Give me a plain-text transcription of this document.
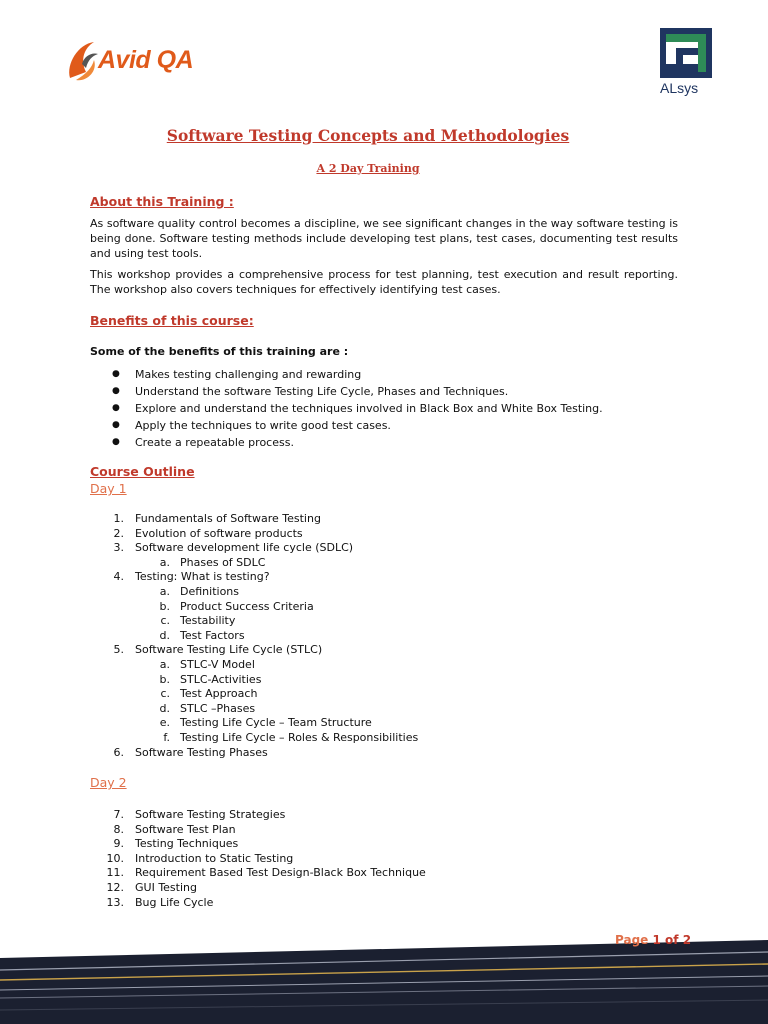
Avid QA
ALsys
Software Testing Concepts and Methodologies
A 2 Day Training
About this Training :

As software quality control becomes a discipline, we see significant changes in the way software testing is being done. Software testing methods include developing test plans, test cases, documenting test results and using test tools.

This workshop provides a comprehensive process for test planning, test execution and result reporting. The workshop also covers techniques for effectively identifying test cases.

Benefits of this course:
Some of the benefits of this training are :
● Makes testing challenging and rewarding
● Understand the software Testing Life Cycle, Phases and Techniques.
● Explore and understand the techniques involved in Black Box and White Box Testing.
● Apply the techniques to write good test cases.
● Create a repeatable process.
Course Outline
Day 1
1. Fundamentals of Software Testing
2. Evolution of software products
3. Software development life cycle (SDLC)
a. Phases of SDLC
4. Testing: What is testing?
a. Definitions
b. Product Success Criteria
c. Testability
d. Test Factors
5. Software Testing Life Cycle (STLC)
a. STLC-V Model
b. STLC-Activities
c. Test Approach
d. STLC –Phases
e. Testing Life Cycle – Team Structure
f. Testing Life Cycle – Roles & Responsibilities
6. Software Testing Phases
Day 2
7. Software Testing Strategies
8. Software Test Plan
9. Testing Techniques
10. Introduction to Static Testing
11. Requirement Based Test Design-Black Box Technique
12. GUI Testing
13. Bug Life Cycle
Page 1 of 2
